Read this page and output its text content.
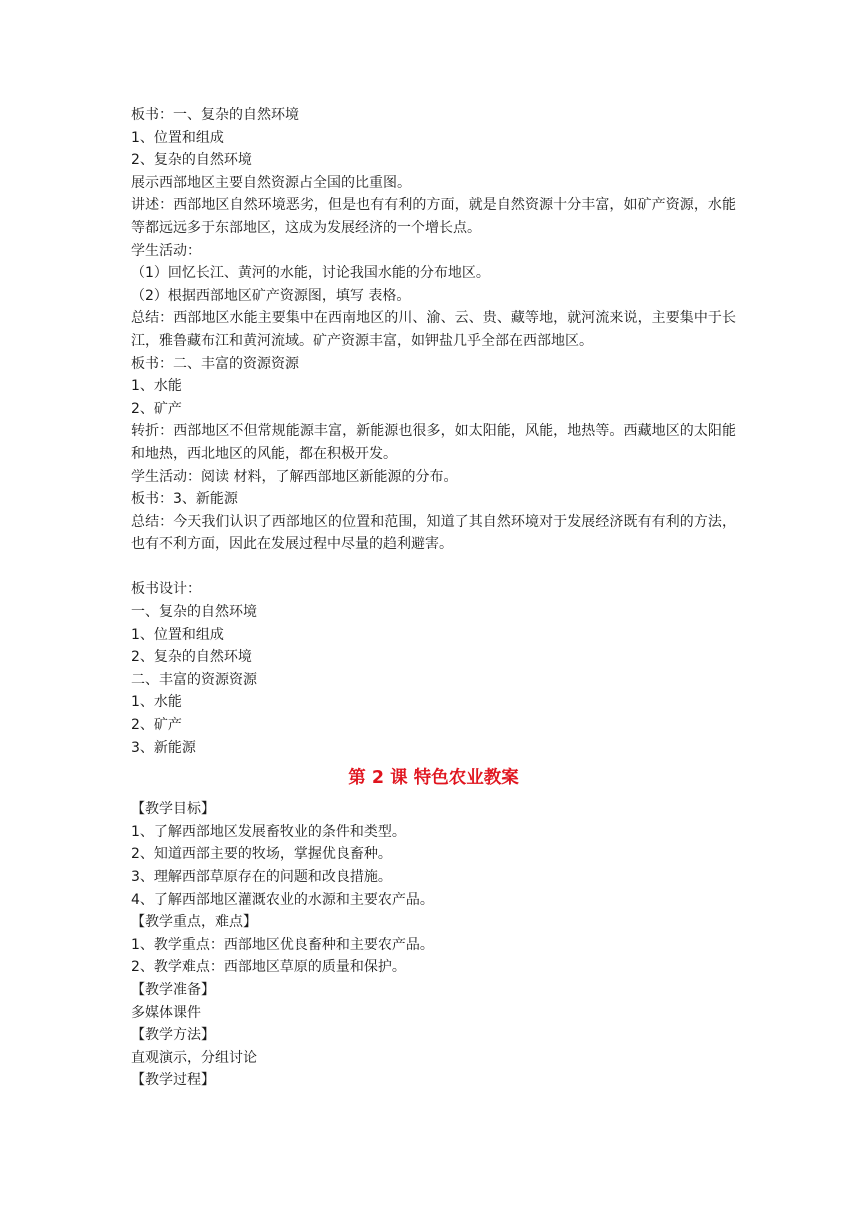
板书：一、复杂的自然环境
1、位置和组成
2、复杂的自然环境
展示西部地区主要自然资源占全国的比重图。
讲述：西部地区自然环境恶劣，但是也有有利的方面，就是自然资源十分丰富，如矿产资源，水能等都远远多于东部地区，这成为发展经济的一个增长点。
学生活动：
（1）回忆长江、黄河的水能，讨论我国水能的分布地区。
（2）根据西部地区矿产资源图，填写 表格。
总结：西部地区水能主要集中在西南地区的川、渝、云、贵、藏等地，就河流来说，主要集中于长江，雅鲁藏布江和黄河流域。矿产资源丰富，如钾盐几乎全部在西部地区。
板书：二、丰富的资源资源
1、水能
2、矿产
转折：西部地区不但常规能源丰富，新能源也很多，如太阳能，风能，地热等。西藏地区的太阳能和地热，西北地区的风能，都在积极开发。
学生活动：阅读 材料，了解西部地区新能源的分布。
板书：3、新能源
总结：今天我们认识了西部地区的位置和范围，知道了其自然环境对于发展经济既有有利的方法，也有不利方面，因此在发展过程中尽量的趋利避害。
板书设计：
一、复杂的自然环境
1、位置和组成
2、复杂的自然环境
二、丰富的资源资源
1、水能
2、矿产
3、新能源
第 2 课 特色农业教案
【教学目标】
1、了解西部地区发展畜牧业的条件和类型。
2、知道西部主要的牧场，掌握优良畜种。
3、理解西部草原存在的问题和改良措施。
4、了解西部地区灌溉农业的水源和主要农产品。
【教学重点，难点】
1、教学重点：西部地区优良畜种和主要农产品。
2、教学难点：西部地区草原的质量和保护。
【教学准备】
多媒体课件
【教学方法】
直观演示，分组讨论
【教学过程】
